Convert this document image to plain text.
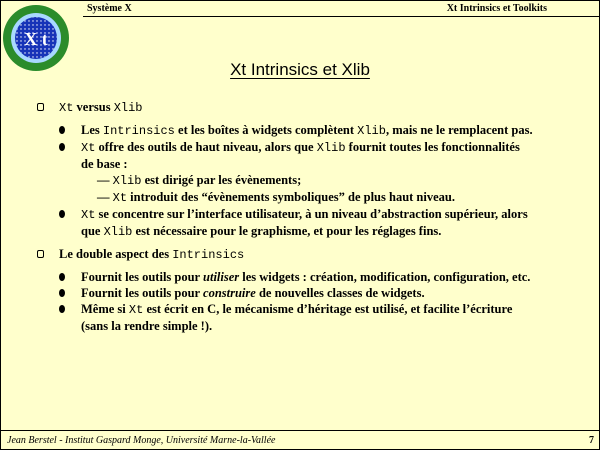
X t
Système X	Xt Intrinsics et Toolkits
Xt Intrinsics et Xlib
Xt versus Xlib
Les Intrinsics et les boîtes à widgets complètent Xlib, mais ne le remplacent pas.
Xt offre des outils de haut niveau, alors que Xlib fournit toutes les fonctionnalités
de base :
— Xlib est dirigé par les évènements;
— Xt introduit des “évènements symboliques” de plus haut niveau.
Xt se concentre sur l’interface utilisateur, à un niveau d’abstraction supérieur, alors
que Xlib est nécessaire pour le graphisme, et pour les réglages fins.
Le double aspect des Intrinsics
Fournit les outils pour utiliser les widgets : création, modification, configuration, etc.
Fournit les outils pour construire de nouvelles classes de widgets.
Même si Xt est écrit en C, le mécanisme d’héritage est utilisé, et facilite l’écriture
(sans la rendre simple !).
Jean Berstel - Institut Gaspard Monge, Université Marne-la-Vallée	7
